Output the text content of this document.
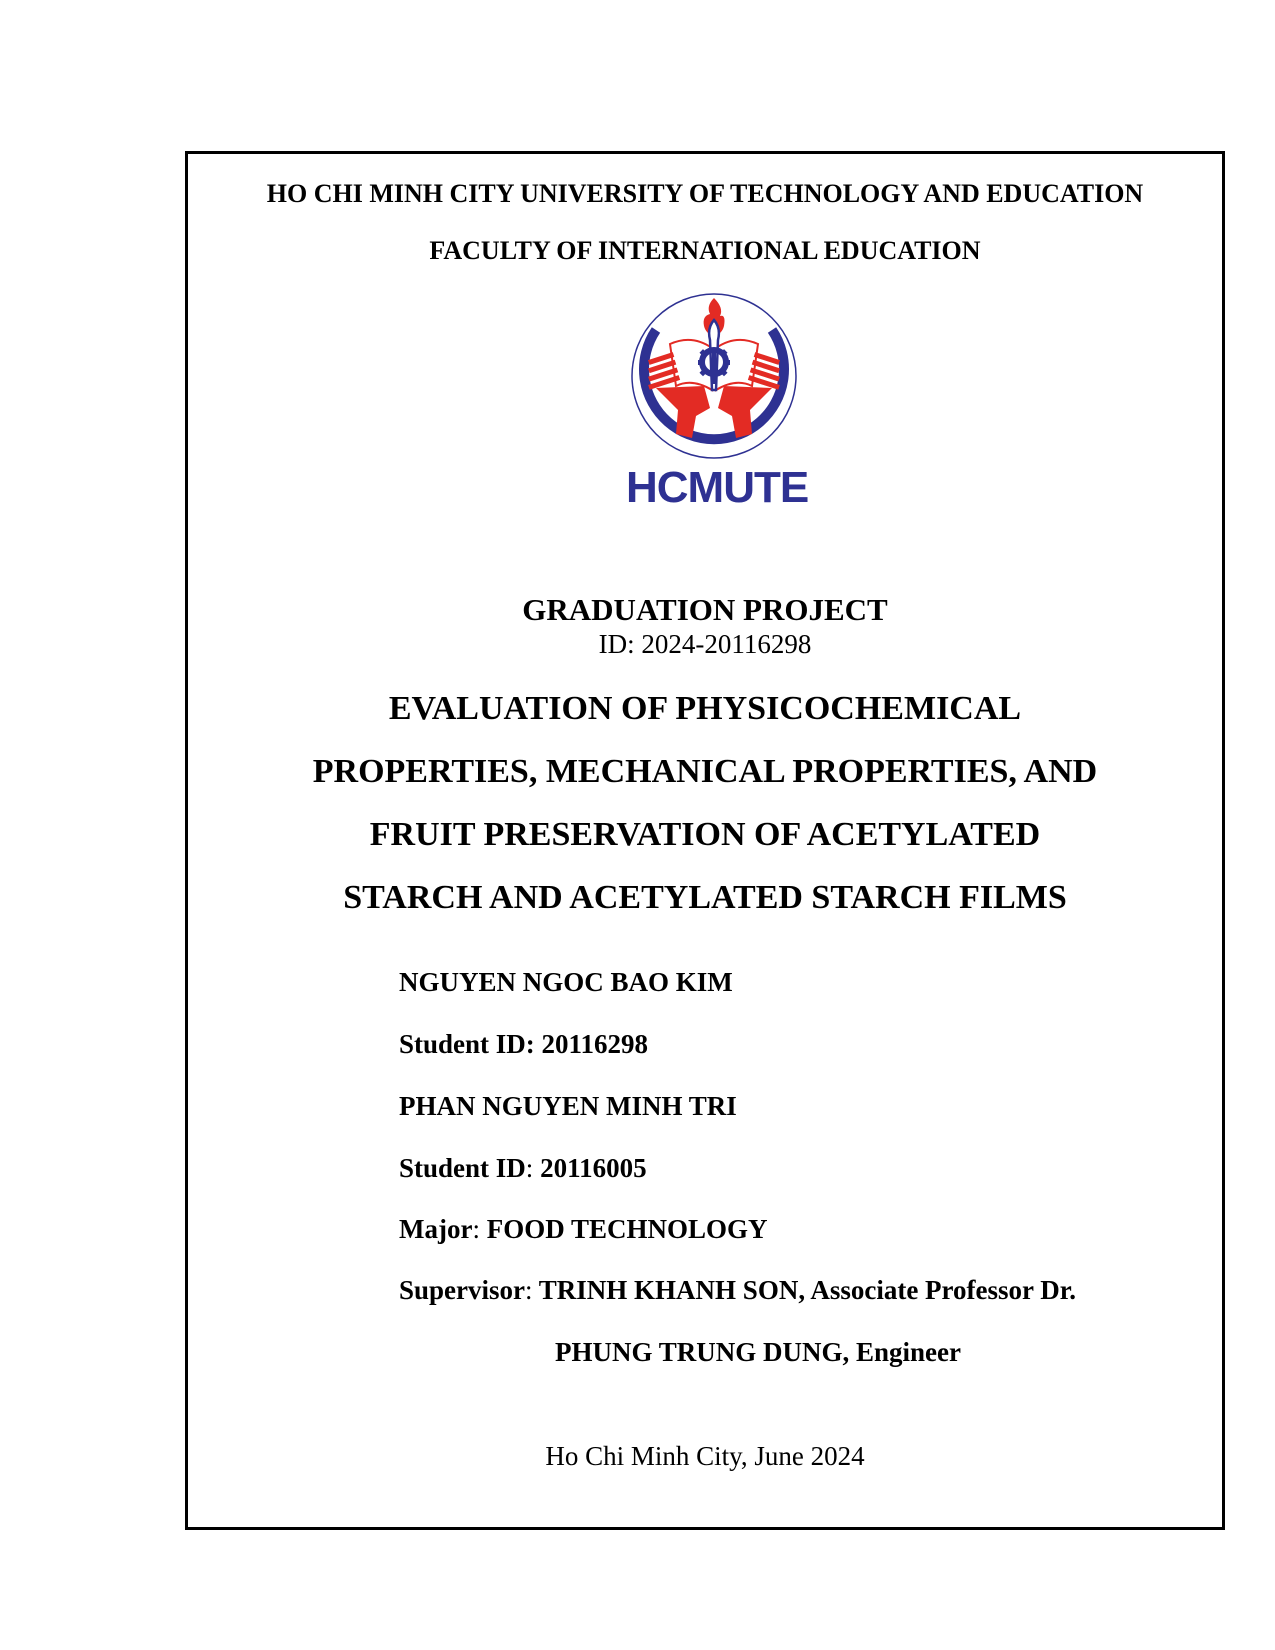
HO CHI MINH CITY UNIVERSITY OF TECHNOLOGY AND EDUCATION
FACULTY OF INTERNATIONAL EDUCATION
HCMUTE
GRADUATION PROJECT
ID: 2024-20116298
EVALUATION OF PHYSICOCHEMICAL
PROPERTIES, MECHANICAL PROPERTIES, AND
FRUIT PRESERVATION OF ACETYLATED
STARCH AND ACETYLATED STARCH FILMS
NGUYEN NGOC BAO KIM
Student ID: 20116298
PHAN NGUYEN MINH TRI
Student ID: 20116005
Major: FOOD TECHNOLOGY
Supervisor: TRINH KHANH SON, Associate Professor Dr.
PHUNG TRUNG DUNG, Engineer
Ho Chi Minh City, June 2024
